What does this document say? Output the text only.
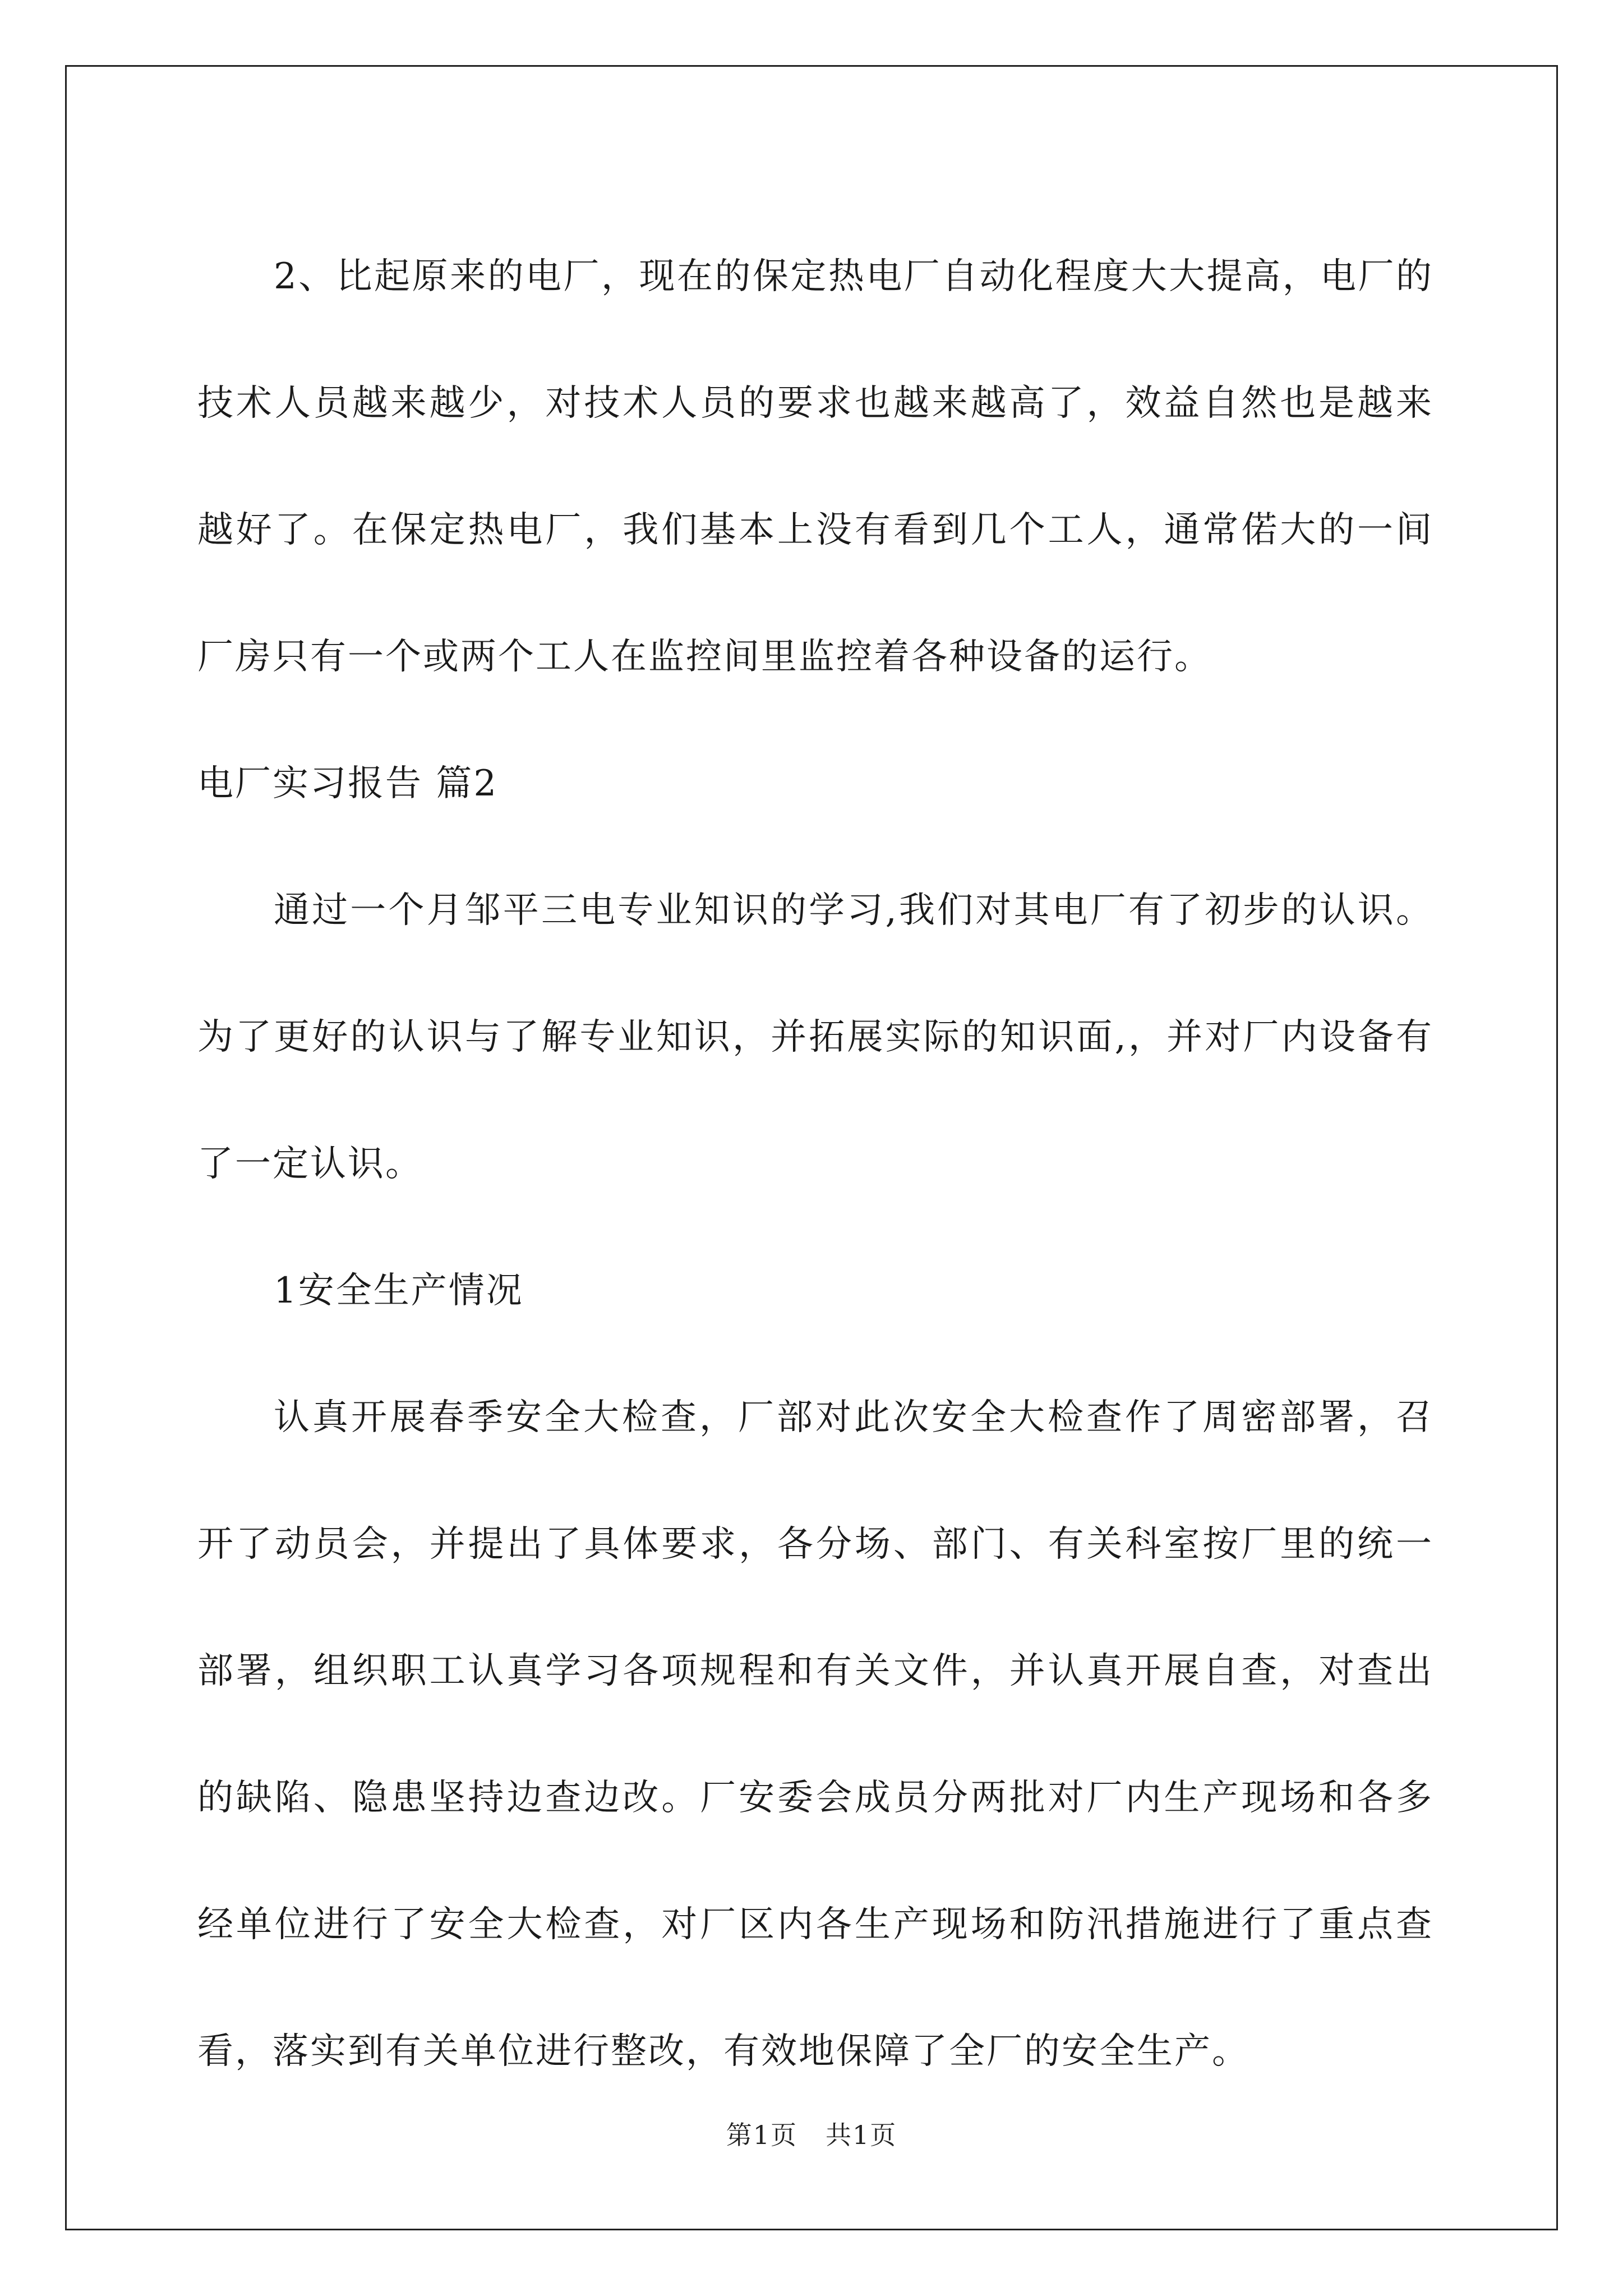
2、比起原来的电厂，现在的保定热电厂自动化程度大大提高，电厂的技术人员越来越少，对技术人员的要求也越来越高了，效益自然也是越来越好了。在保定热电厂，我们基本上没有看到几个工人，通常偌大的一间厂房只有一个或两个工人在监控间里监控着各种设备的运行。

电厂实习报告 篇2

通过一个月邹平三电专业知识的学习,我们对其电厂有了初步的认识。为了更好的认识与了解专业知识，并拓展实际的知识面,，并对厂内设备有了一定认识。

1安全生产情况

认真开展春季安全大检查，厂部对此次安全大检查作了周密部署，召开了动员会，并提出了具体要求，各分场、部门、有关科室按厂里的统一部署，组织职工认真学习各项规程和有关文件，并认真开展自查，对查出的缺陷、隐患坚持边查边改。厂安委会成员分两批对厂内生产现场和各多经单位进行了安全大检查，对厂区内各生产现场和防汛措施进行了重点查看，落实到有关单位进行整改，有效地保障了全厂的安全生产。

第1页 共1页
